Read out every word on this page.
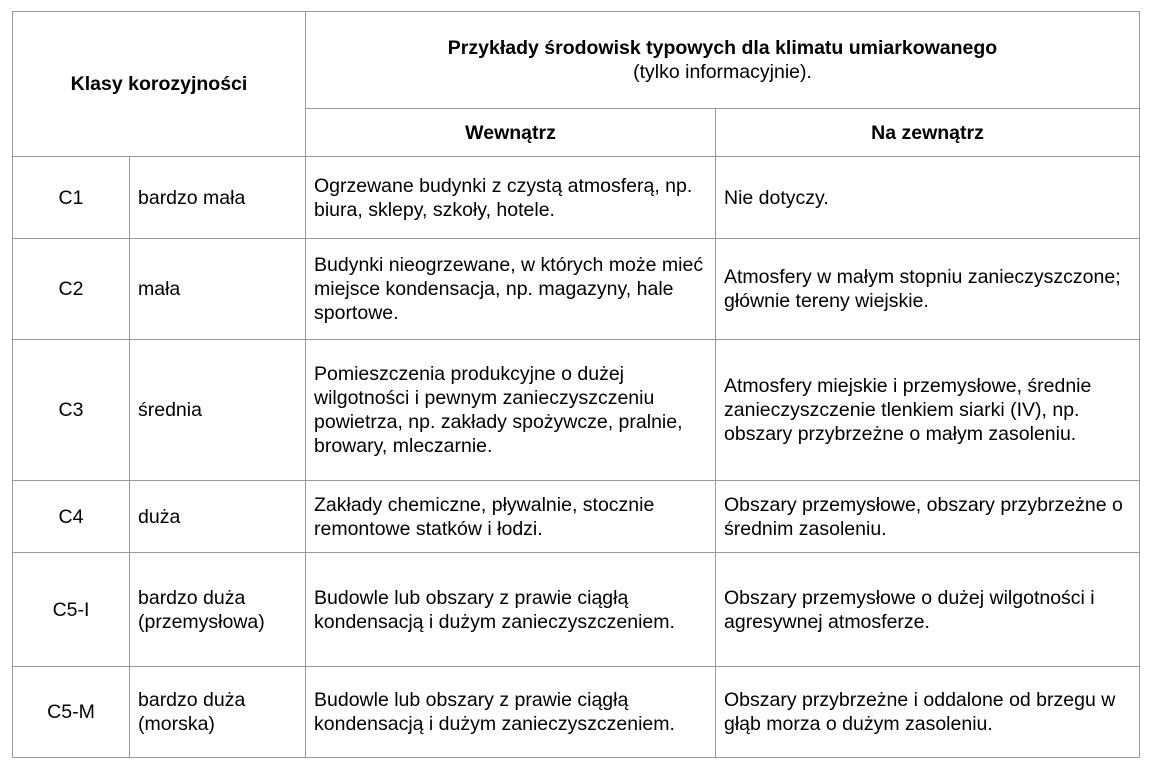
Klasy korozyjności		Przykłady środowisk typowych dla klimatu umiarkowanego
(tylko informacyjnie).	

		Wewnątrz	Na zewnątrz
C1	bardzo mała	Ogrzewane budynki z czystą atmosferą, np. biura, sklepy, szkoły, hotele.	Nie dotyczy.

C2	mała	Budynki nieogrzewane, w których może mieć miejsce kondensacja, np. magazyny, hale sportowe.	Atmosfery w małym stopniu zanieczyszczone; głównie tereny wiejskie.

C3	średnia	Pomieszczenia produkcyjne o dużej wilgotności i pewnym zanieczyszczeniu powietrza, np. zakłady spożywcze, pralnie, browary, mleczarnie.	Atmosfery miejskie i przemysłowe, średnie zanieczyszczenie tlenkiem siarki (IV), np. obszary przybrzeżne o małym zasoleniu.

C4	duża	Zakłady chemiczne, pływalnie, stocznie remontowe statków i łodzi.	Obszary przemysłowe, obszary przybrzeżne o średnim zasoleniu.

C5-I	bardzo duża (przemysłowa)	Budowle lub obszary z prawie ciągłą kondensacją i dużym zanieczyszczeniem.	Obszary przemysłowe o dużej wilgotności i agresywnej atmosferze.

C5-M	bardzo duża (morska)	Budowle lub obszary z prawie ciągłą kondensacją i dużym zanieczyszczeniem.	Obszary przybrzeżne i oddalone od brzegu w głąb morza o dużym zasoleniu.
